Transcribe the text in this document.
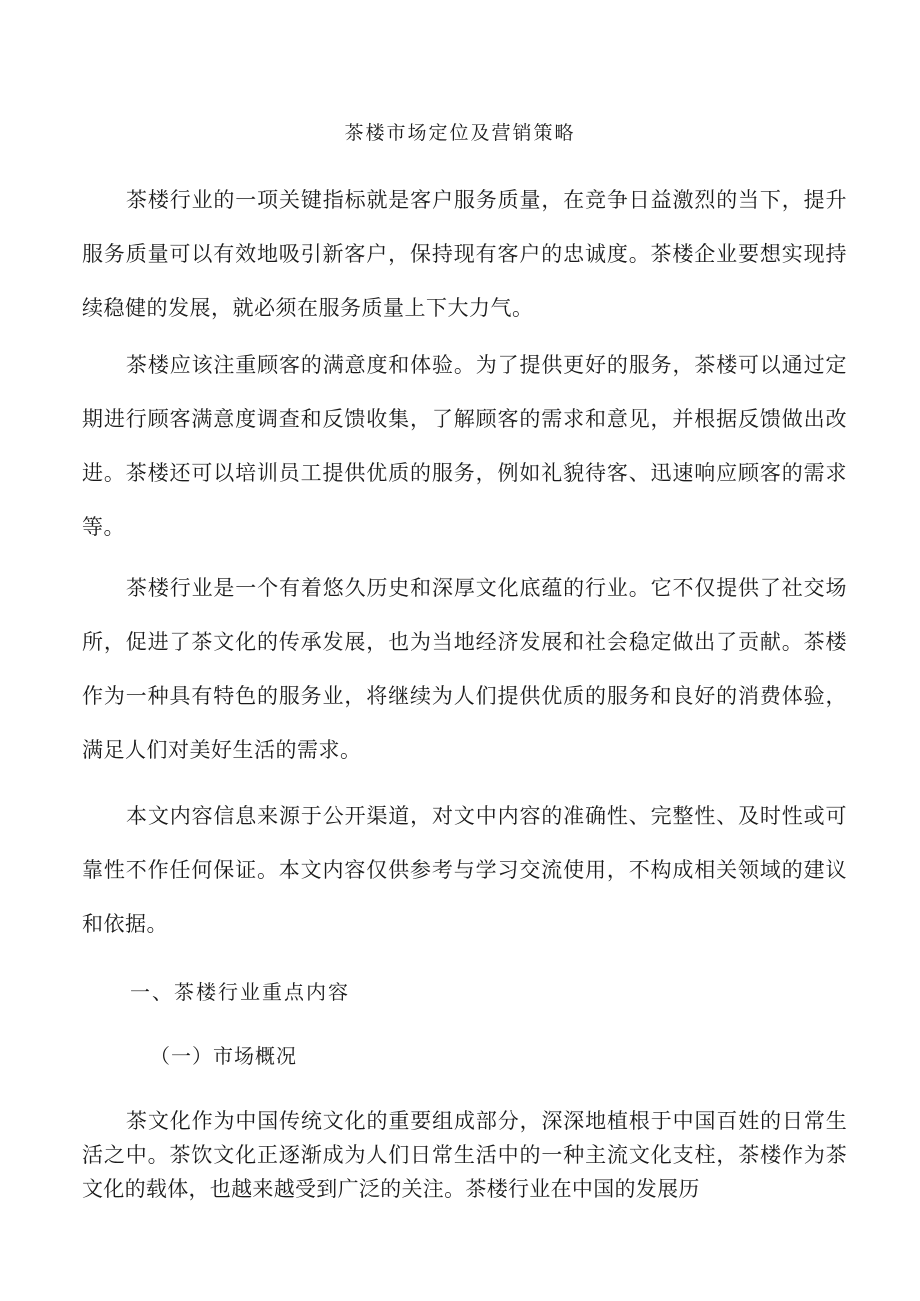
茶楼市场定位及营销策略

茶楼行业的一项关键指标就是客户服务质量，在竞争日益激烈的当下，提升服务质量可以有效地吸引新客户，保持现有客户的忠诚度。茶楼企业要想实现持续稳健的发展，就必须在服务质量上下大力气。

茶楼应该注重顾客的满意度和体验。为了提供更好的服务，茶楼可以通过定期进行顾客满意度调查和反馈收集，了解顾客的需求和意见，并根据反馈做出改进。茶楼还可以培训员工提供优质的服务，例如礼貌待客、迅速响应顾客的需求等。

茶楼行业是一个有着悠久历史和深厚文化底蕴的行业。它不仅提供了社交场所，促进了茶文化的传承发展，也为当地经济发展和社会稳定做出了贡献。茶楼作为一种具有特色的服务业，将继续为人们提供优质的服务和良好的消费体验，满足人们对美好生活的需求。

本文内容信息来源于公开渠道，对文中内容的准确性、完整性、及时性或可靠性不作任何保证。本文内容仅供参考与学习交流使用，不构成相关领域的建议和依据。

一、茶楼行业重点内容
（一）市场概况

茶文化作为中国传统文化的重要组成部分，深深地植根于中国百姓的日常生活之中。茶饮文化正逐渐成为人们日常生活中的一种主流文化支柱，茶楼作为茶文化的载体，也越来越受到广泛的关注。茶楼行业在中国的发展历
